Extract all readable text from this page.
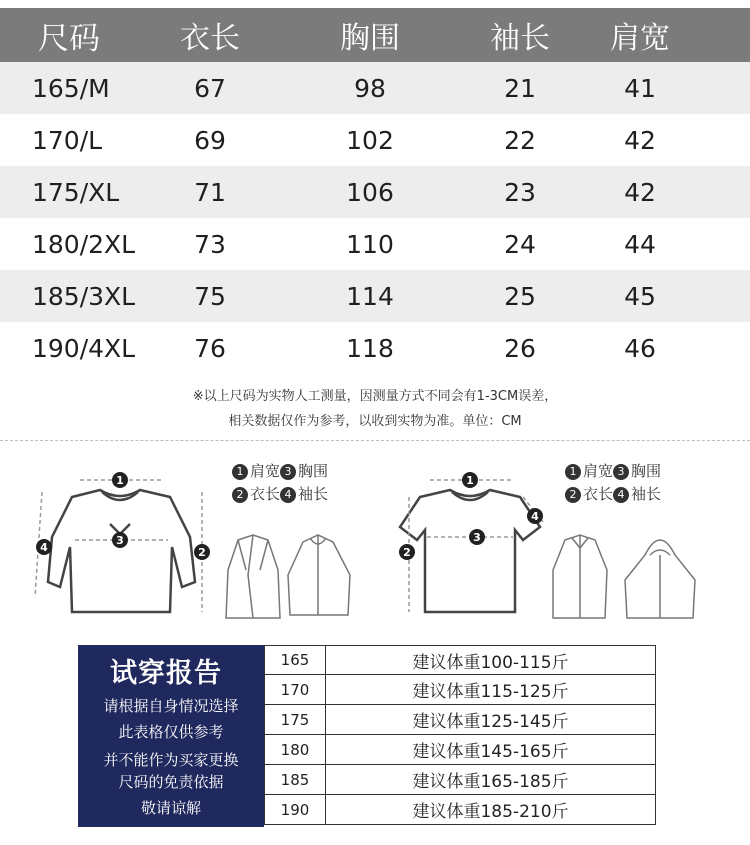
尺码	衣长	胸围	袖长	肩宽
165/M	67	98	21	41
170/L	69	102	22	42
175/XL	71	106	23	42
180/2XL	73	110	24	44
185/3XL	75	114	25	45
190/4XL	76	118	26	46
※以上尺码为实物人工测量，因测量方式不同会有1-3CM误差，
相关数据仅作为参考，以收到实物为准。单位：CM
1
3
2
4
1 肩宽 3 胸围
2 衣长 4 袖长
1
3
2
4
1 肩宽 3 胸围
2 衣长 4 袖长
试穿报告
请根据自身情况选择
此表格仅供参考
并不能作为买家更换
尺码的免责依据
敬请谅解
165	建议体重100-115斤
170	建议体重115-125斤
175	建议体重125-145斤
180	建议体重145-165斤
185	建议体重165-185斤
190	建议体重185-210斤
